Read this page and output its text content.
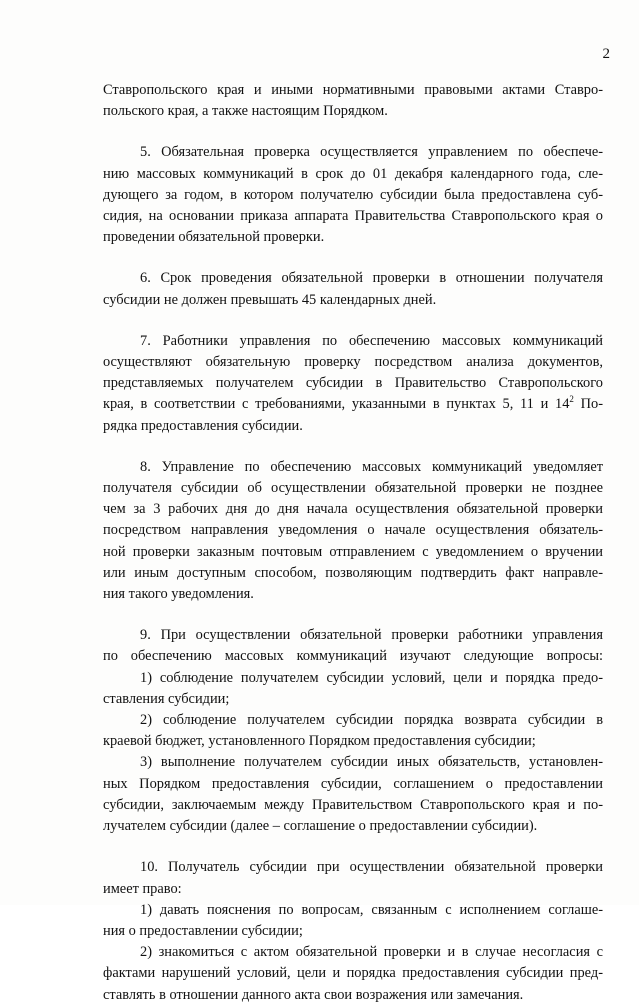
2
Ставропольского края и иными нормативными правовыми актами Ставро-
польского края, а также настоящим Порядком.
5. Обязательная проверка осуществляется управлением по обеспече-
нию массовых коммуникаций в срок до 01 декабря календарного года, сле-
дующего за годом, в котором получателю субсидии была предоставлена суб-
сидия, на основании приказа аппарата Правительства Ставропольского края о
проведении обязательной проверки.
6. Срок проведения обязательной проверки в отношении получателя
субсидии не должен превышать 45 календарных дней.
7. Работники управления по обеспечению массовых коммуникаций
осуществляют обязательную проверку посредством анализа документов,
представляемых получателем субсидии в Правительство Ставропольского
края, в соответствии с требованиями, указанными в пунктах 5, 11 и $14^2$ По-
рядка предоставления субсидии.
8. Управление по обеспечению массовых коммуникаций уведомляет
получателя субсидии об осуществлении обязательной проверки не позднее
чем за 3 рабочих дня до дня начала осуществления обязательной проверки
посредством направления уведомления о начале осуществления обязатель-
ной проверки заказным почтовым отправлением с уведомлением о вручении
или иным доступным способом, позволяющим подтвердить факт направле-
ния такого уведомления.
9. При осуществлении обязательной проверки работники управления
по обеспечению массовых коммуникаций изучают следующие вопросы:
1) соблюдение получателем субсидии условий, цели и порядка предо-
ставления субсидии;
2) соблюдение получателем субсидии порядка возврата субсидии в
краевой бюджет, установленного Порядком предоставления субсидии;
3) выполнение получателем субсидии иных обязательств, установлен-
ных Порядком предоставления субсидии, соглашением о предоставлении
субсидии, заключаемым между Правительством Ставропольского края и по-
лучателем субсидии (далее – соглашение о предоставлении субсидии).
10. Получатель субсидии при осуществлении обязательной проверки
имеет право:
1) давать пояснения по вопросам, связанным с исполнением соглаше-
ния о предоставлении субсидии;
2) знакомиться с актом обязательной проверки и в случае несогласия с
фактами нарушений условий, цели и порядка предоставления субсидии пред-
ставлять в отношении данного акта свои возражения или замечания.
